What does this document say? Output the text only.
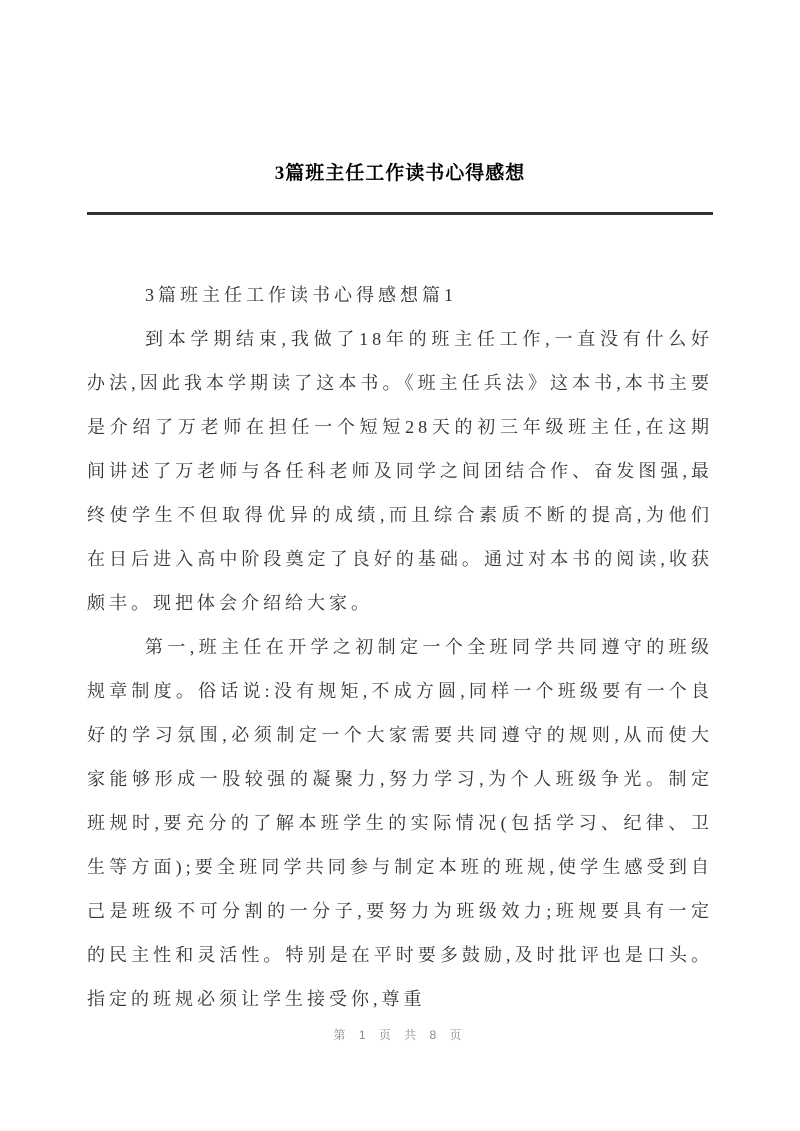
3篇班主任工作读书心得感想

3篇班主任工作读书心得感想篇1

到本学期结束,我做了18年的班主任工作,一直没有什么好办法,因此我本学期读了这本书。《班主任兵法》这本书,本书主要是介绍了万老师在担任一个短短28天的初三年级班主任,在这期间讲述了万老师与各任科老师及同学之间团结合作、奋发图强,最终使学生不但取得优异的成绩,而且综合素质不断的提高,为他们在日后进入高中阶段奠定了良好的基础。通过对本书的阅读,收获颇丰。现把体会介绍给大家。

第一,班主任在开学之初制定一个全班同学共同遵守的班级规章制度。俗话说:没有规矩,不成方圆,同样一个班级要有一个良好的学习氛围,必须制定一个大家需要共同遵守的规则,从而使大家能够形成一股较强的凝聚力,努力学习,为个人班级争光。制定班规时,要充分的了解本班学生的实际情况(包括学习、纪律、卫生等方面);要全班同学共同参与制定本班的班规,使学生感受到自己是班级不可分割的一分子,要努力为班级效力;班规要具有一定的民主性和灵活性。特别是在平时要多鼓励,及时批评也是口头。指定的班规必须让学生接受你,尊重

第 1 页 共 8 页
